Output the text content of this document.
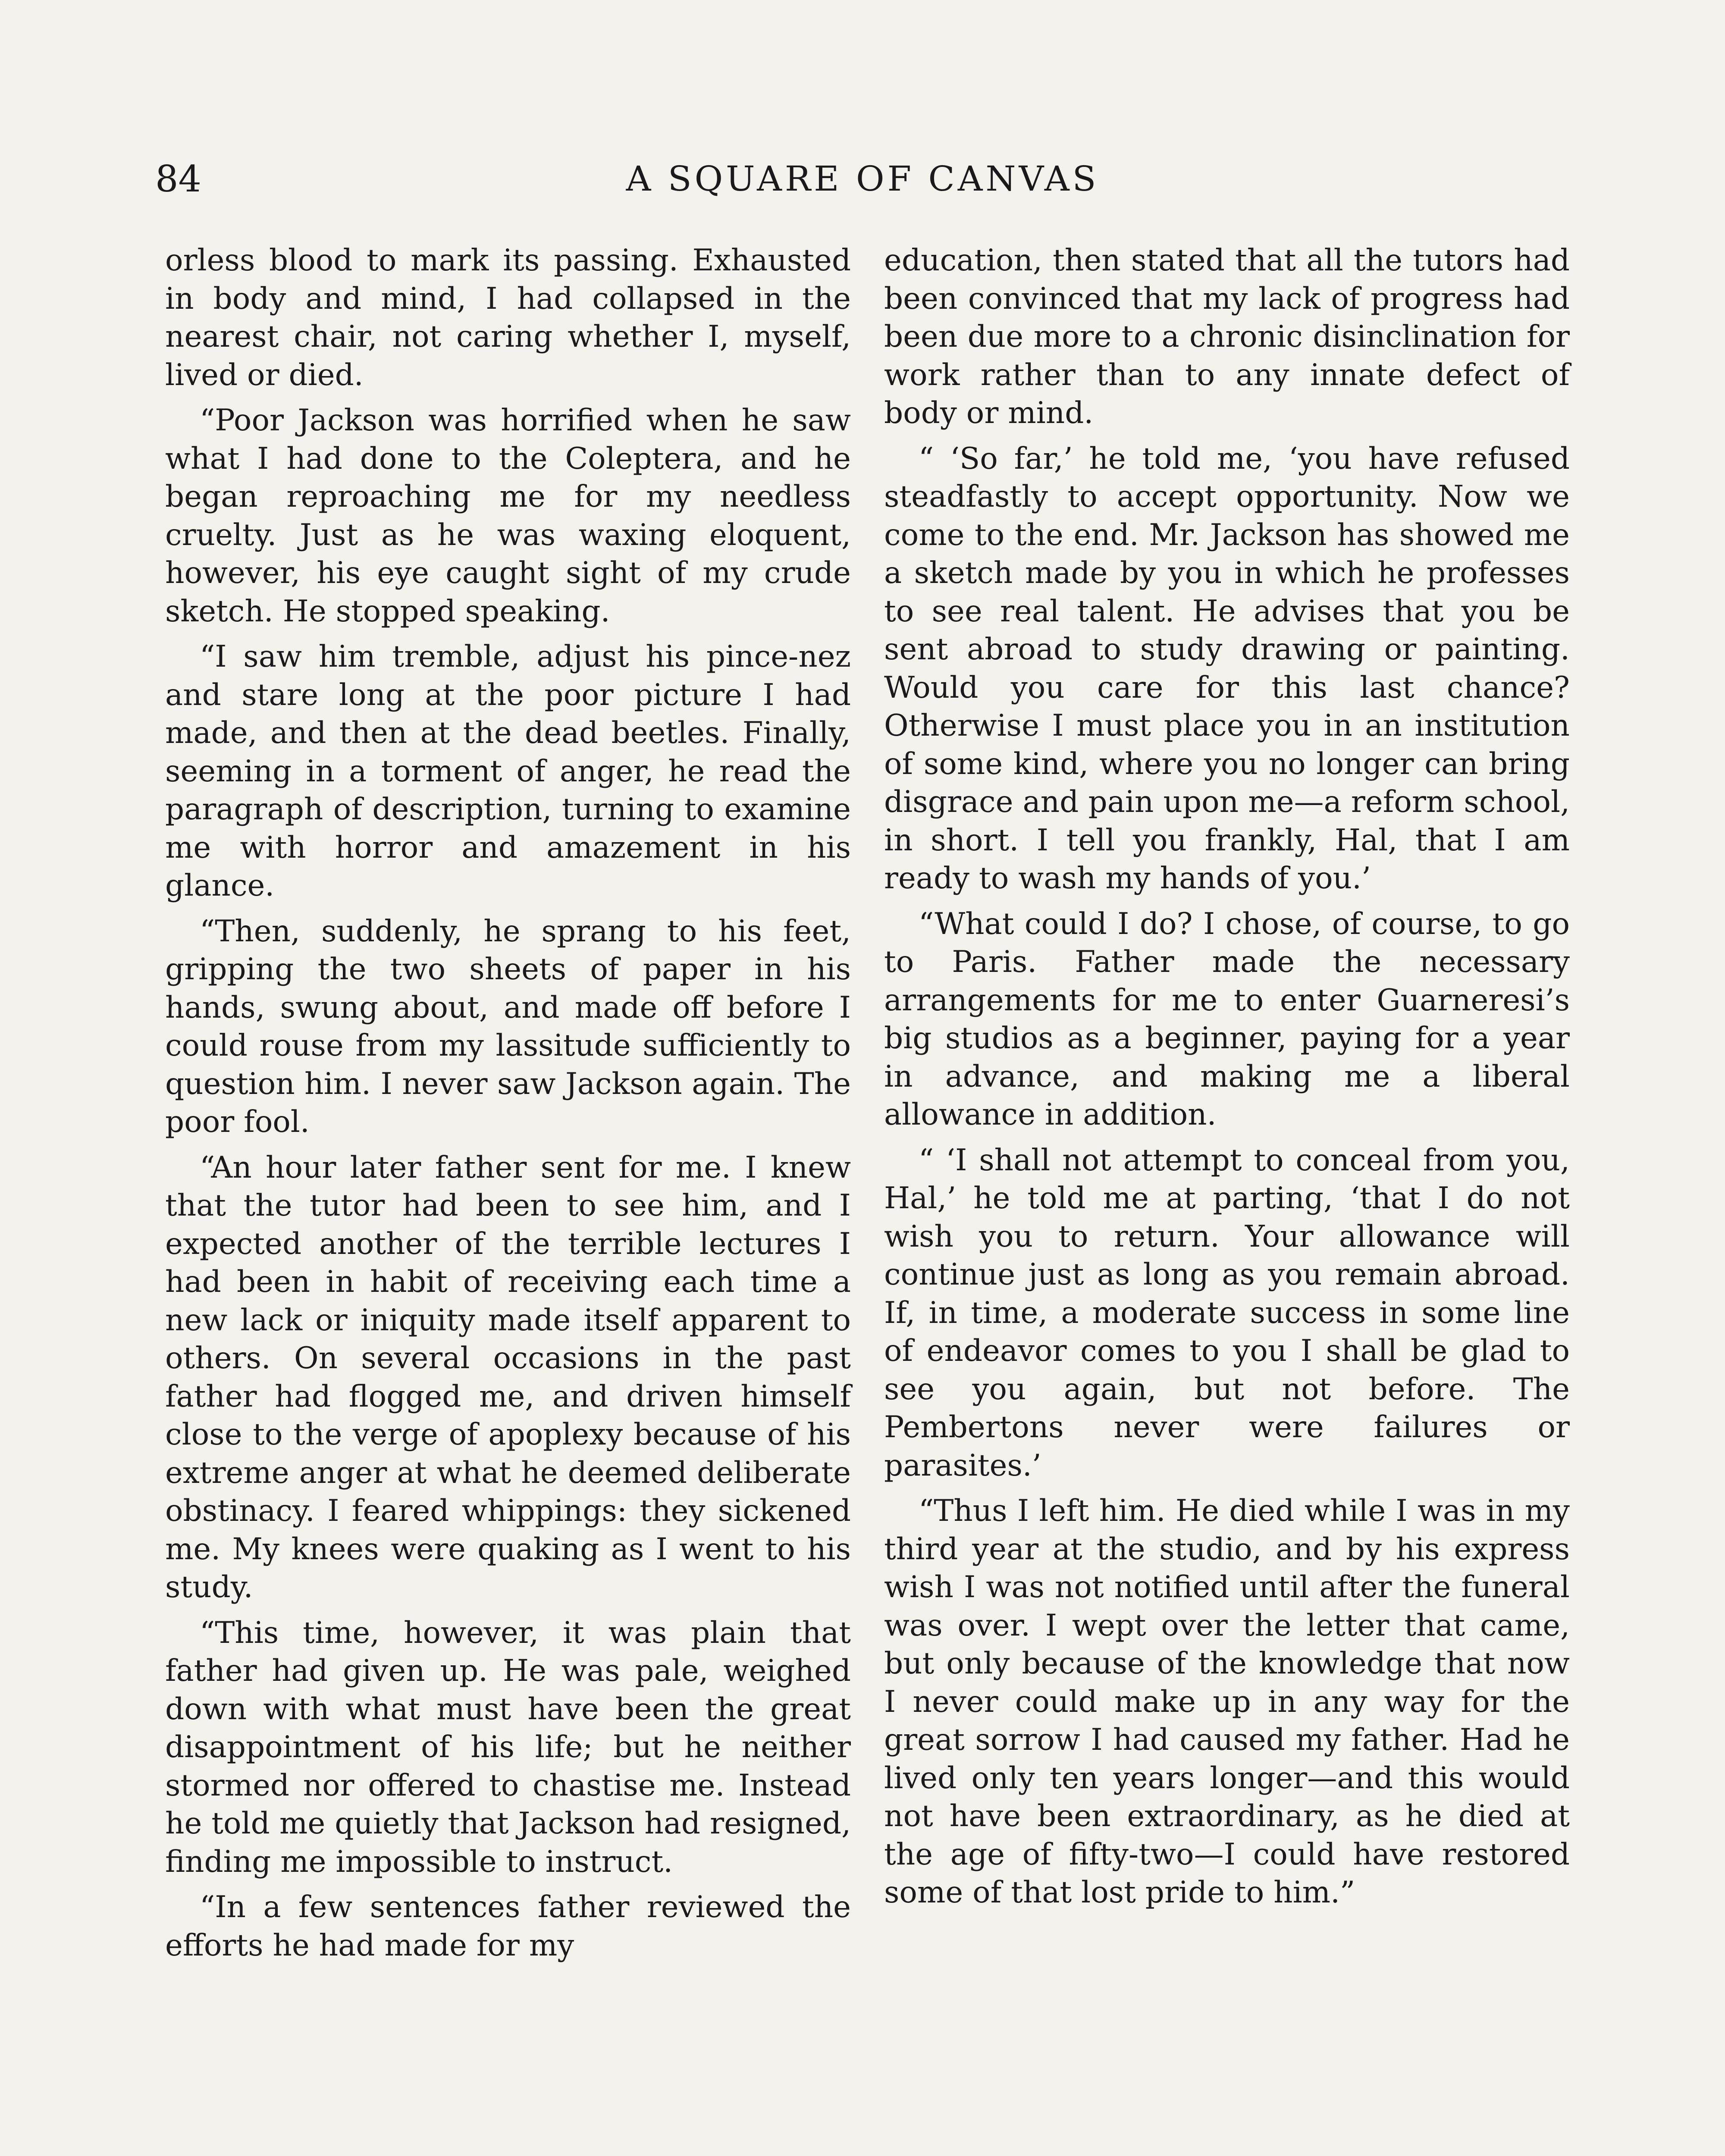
84	A SQUARE OF CANVAS

orless blood to mark its passing. Exhausted in body and mind, I had collapsed in the nearest chair, not caring whether I, myself, lived or died.

“Poor Jackson was horrified when he saw what I had done to the Coleptera, and he began reproaching me for my needless cruelty. Just as he was waxing eloquent, however, his eye caught sight of my crude sketch. He stopped speaking.

“I saw him tremble, adjust his pince-nez and stare long at the poor picture I had made, and then at the dead beetles. Finally, seeming in a torment of anger, he read the paragraph of description, turning to examine me with horror and amazement in his glance.

“Then, suddenly, he sprang to his feet, gripping the two sheets of paper in his hands, swung about, and made off before I could rouse from my lassitude sufficiently to question him. I never saw Jackson again. The poor fool.

“An hour later father sent for me. I knew that the tutor had been to see him, and I expected another of the terrible lectures I had been in habit of receiving each time a new lack or iniquity made itself apparent to others. On several occasions in the past father had flogged me, and driven himself close to the verge of apoplexy because of his extreme anger at what he deemed deliberate obstinacy. I feared whippings: they sickened me. My knees were quaking as I went to his study.

“This time, however, it was plain that father had given up. He was pale, weighed down with what must have been the great disappointment of his life; but he neither stormed nor offered to chastise me. Instead he told me quietly that Jackson had resigned, finding me impossible to instruct.

“In a few sentences father reviewed the efforts he had made for my

education, then stated that all the tutors had been convinced that my lack of progress had been due more to a chronic disinclination for work rather than to any innate defect of body or mind.

“ ‘So far,’ he told me, ‘you have refused steadfastly to accept opportunity. Now we come to the end. Mr. Jackson has showed me a sketch made by you in which he professes to see real talent. He advises that you be sent abroad to study drawing or painting. Would you care for this last chance? Otherwise I must place you in an institution of some kind, where you no longer can bring disgrace and pain upon me—a reform school, in short. I tell you frankly, Hal, that I am ready to wash my hands of you.’

“What could I do? I chose, of course, to go to Paris. Father made the necessary arrangements for me to enter Guarneresi’s big studios as a beginner, paying for a year in advance, and making me a liberal allowance in addition.

“ ‘I shall not attempt to conceal from you, Hal,’ he told me at parting, ‘that I do not wish you to return. Your allowance will continue just as long as you remain abroad. If, in time, a moderate success in some line of endeavor comes to you I shall be glad to see you again, but not before. The Pembertons never were failures or parasites.’

“Thus I left him. He died while I was in my third year at the studio, and by his express wish I was not notified until after the funeral was over. I wept over the letter that came, but only because of the knowledge that now I never could make up in any way for the great sorrow I had caused my father. Had he lived only ten years longer—and this would not have been extraordinary, as he died at the age of fifty-two—I could have restored some of that lost pride to him.”
